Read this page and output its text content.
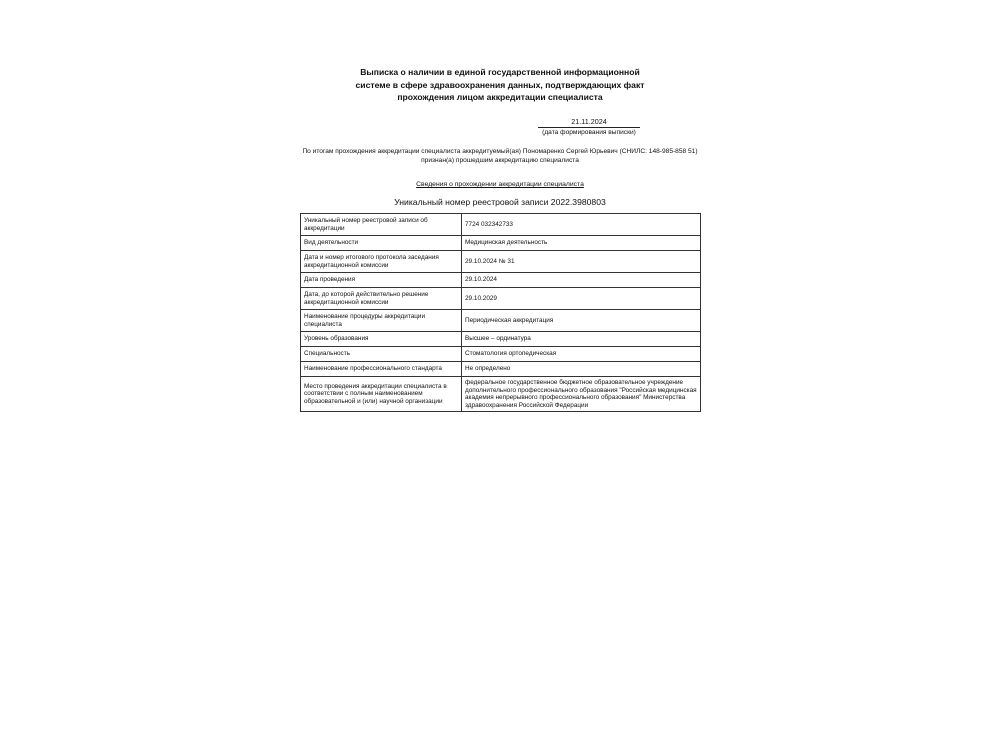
Выписка о наличии в единой государственной информационной
системе в сфере здравоохранения данных, подтверждающих факт
прохождения лицом аккредитации специалиста
21.11.2024
(дата формирования выписки)
По итогам прохождения аккредитации специалиста аккредитуемый(ая) Пономаренко Сергей Юрьевич (СНИЛС: 148-985-858 51)
признан(а) прошедшим аккредитацию специалиста
Сведения о прохождении аккредитации специалиста
Уникальный номер реестровой записи 2022.3980803
Уникальный номер реестровой записи об аккредитации	7724 032342733
Вид деятельности	Медицинская деятельность
Дата и номер итогового протокола заседания аккредитационной комиссии	29.10.2024 № 31
Дата проведения	29.10.2024
Дата, до которой действительно решение аккредитационной комиссии	29.10.2029
Наименование процедуры аккредитации специалиста	Периодическая аккредитация
Уровень образования	Высшее – ординатура
Специальность	Стоматология ортопедическая
Наименование профессионального стандарта	Не определено
Место проведения аккредитации специалиста в соответствии с полным наименованием образовательной и (или) научной организации	федеральное государственное бюджетное образовательное учреждение дополнительного профессионального образования "Российская медицинская академия непрерывного профессионального образования" Министерства здравоохранения Российской Федерации
